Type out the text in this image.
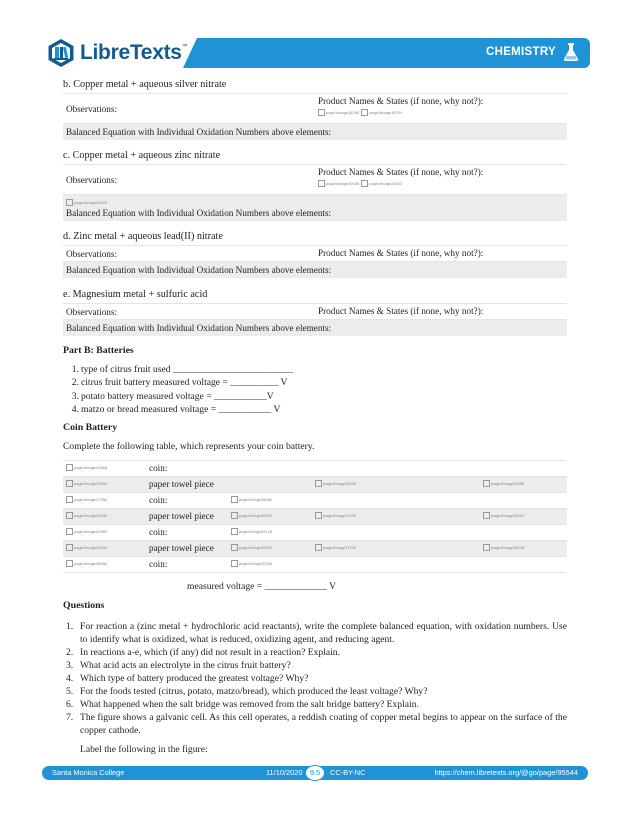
LibreTexts ™	CHEMISTRY
b. Copper metal + aqueous silver nitrate
Observations:
Product Names & States (if none, why not?):
page1image18280	page1image18704
Balanced Equation with Individual Oxidation Numbers above elements:
c. Copper metal + aqueous zinc nitrate
Observations:
Product Names & States (if none, why not?):
page1image25608	page1image26032
page1image26920
Balanced Equation with Individual Oxidation Numbers above elements:
d. Zinc metal + aqueous lead(II) nitrate
Observations:	Product Names & States (if none, why not?):
Balanced Equation with Individual Oxidation Numbers above elements:
e. Magnesium metal + sulfuric acid
Observations:	Product Names & States (if none, why not?):
Balanced Equation with Individual Oxidation Numbers above elements:
Part B: Batteries
1. type of citrus fruit used _________________________
2. citrus fruit battery measured voltage = __________ V
3. potato battery measured voltage = ___________V
4. matzo or bread measured voltage = ___________ V
Coin Battery
Complete the following table, which represents your coin battery.
page2image20568	coin:
page2image23552	paper towel piece	page2image25408	page2image26456
page2image27056	coin:	page2image28064
page2image29440	paper towel piece	page2image30520	page2image31136	page2image32024
page2image32960	coin:	page2image34128
page2image35344	paper towel piece	page2image36504	page2image37200	page2image38248
page2image38656	coin:	page2image40296
measured voltage = _____________ V
Questions
1. For reaction a (zinc metal + hydrochloric acid reactants), write the complete balanced equation, with oxidation numbers. Use to identify what is oxidized, what is reduced, oxidizing agent, and reducing agent.
2. In reactions a-e, which (if any) did not result in a reaction? Explain.
3. What acid acts an electrolyte in the citrus fruit battery?
4. Which type of battery produced the greatest voltage? Why?
5. For the foods tested (citrus, potato, matzo/bread), which produced the least voltage? Why?
6. What happened when the salt bridge was removed from the salt bridge battery? Explain.
7. The figure shows a galvanic cell. As this cell operates, a reddish coating of copper metal begins to appear on the surface of the copper cathode.
Label the following in the figure:
Santa Monica College	11/10/2020	9.5	CC-BY-NC	https://chem.libretexts.org/@go/page/95544
